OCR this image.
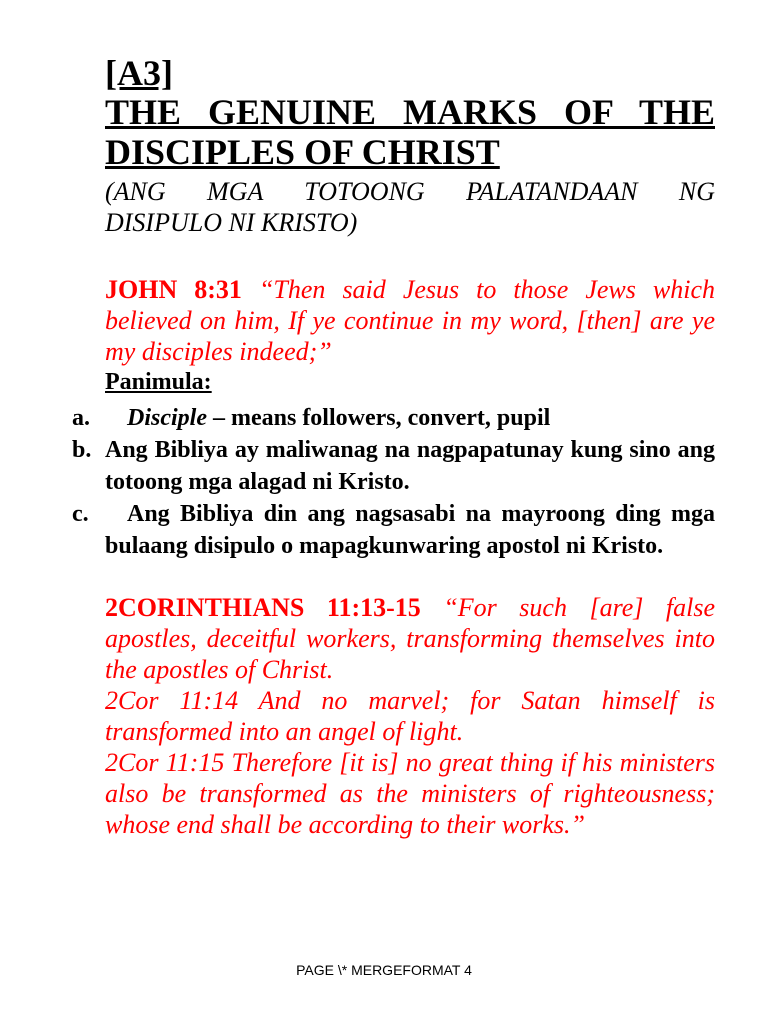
[A3]
THE GENUINE MARKS OF THE DISCIPLES OF CHRIST
(ANG MGA TOTOONG PALATANDAAN NG
DISIPULO NI KRISTO)
JOHN 8:31 “Then said Jesus to those Jews which believed on him, If ye continue in my word, [then] are ye my disciples indeed;”
Panimula:
a.	Disciple – means followers, convert, pupil
b. Ang Bibliya ay maliwanag na nagpapatunay kung sino ang totoong mga alagad ni Kristo.
c.	Ang Bibliya din ang nagsasabi na mayroong ding mga bulaang disipulo o mapagkunwaring apostol ni Kristo.

2CORINTHIANS 11:13-15 “For such [are] false apostles, deceitful workers, transforming themselves into the apostles of Christ.

2Cor 11:14 And no marvel; for Satan himself is transformed into an angel of light.

2Cor 11:15 Therefore [it is] no great thing if his ministers also be transformed as the ministers of righteousness; whose end shall be according to their works.”

PAGE \* MERGEFORMAT 4
